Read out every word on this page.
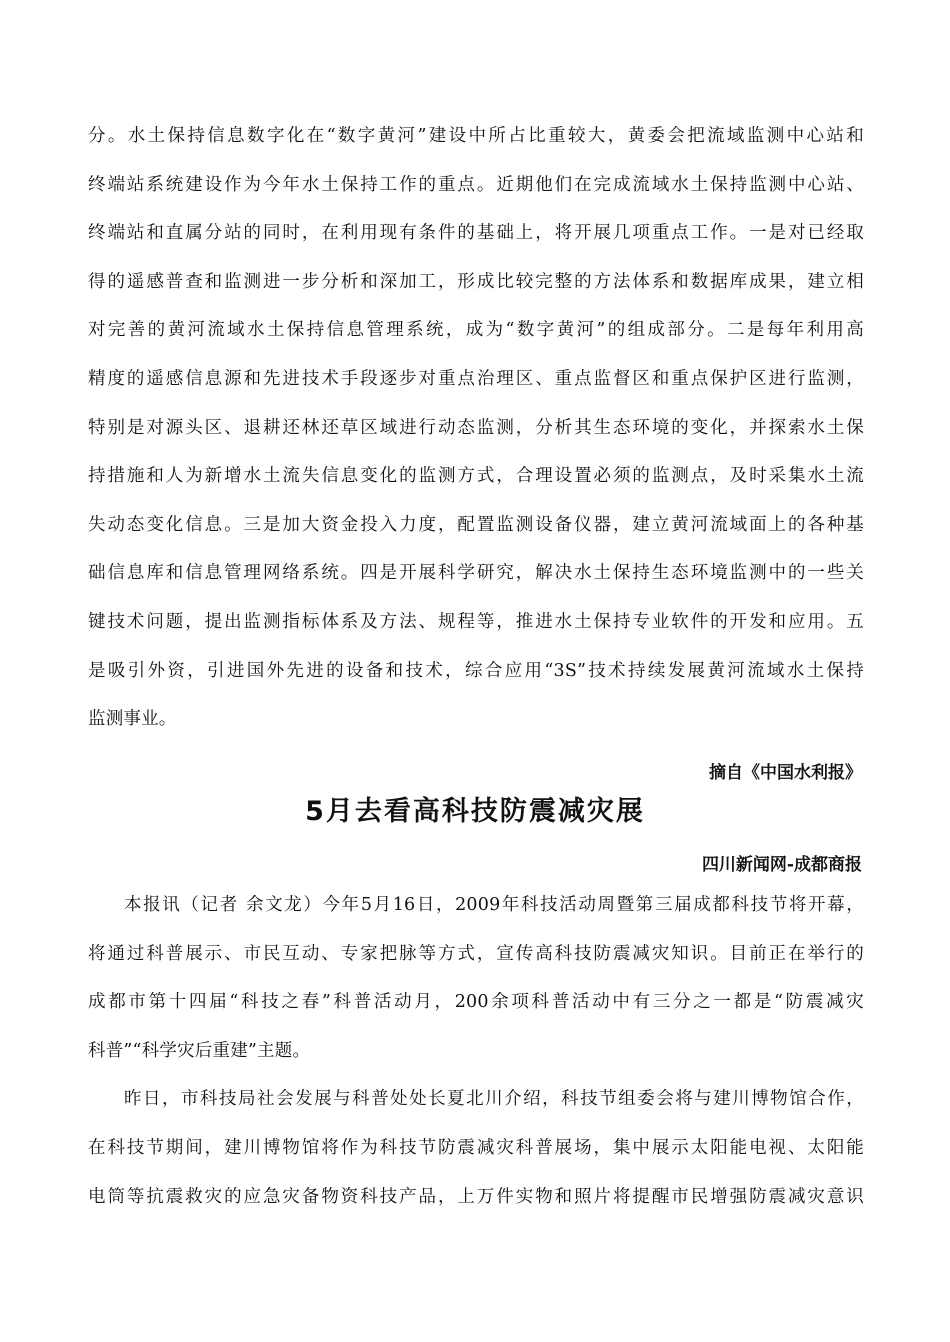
分。水土保持信息数字化在“数字黄河”建设中所占比重较大，黄委会把流域监测中心站和
终端站系统建设作为今年水土保持工作的重点。近期他们在完成流域水土保持监测中心站、
终端站和直属分站的同时，在利用现有条件的基础上，将开展几项重点工作。一是对已经取
得的遥感普查和监测进一步分析和深加工，形成比较完整的方法体系和数据库成果，建立相
对完善的黄河流域水土保持信息管理系统，成为“数字黄河”的组成部分。二是每年利用高
精度的遥感信息源和先进技术手段逐步对重点治理区、重点监督区和重点保护区进行监测，
特别是对源头区、退耕还林还草区域进行动态监测，分析其生态环境的变化，并探索水土保
持措施和人为新增水土流失信息变化的监测方式，合理设置必须的监测点，及时采集水土流
失动态变化信息。三是加大资金投入力度，配置监测设备仪器，建立黄河流域面上的各种基
础信息库和信息管理网络系统。四是开展科学研究，解决水土保持生态环境监测中的一些关
键技术问题，提出监测指标体系及方法、规程等，推进水土保持专业软件的开发和应用。五
是吸引外资，引进国外先进的设备和技术，综合应用“3S”技术持续发展黄河流域水土保持
监测事业。
摘自《中国水利报》
5月去看高科技防震减灾展
四川新闻网-成都商报
本报讯（记者 余文龙）今年5月16日，2009年科技活动周暨第三届成都科技节将开幕，
将通过科普展示、市民互动、专家把脉等方式，宣传高科技防震减灾知识。目前正在举行的
成都市第十四届“科技之春”科普活动月，200余项科普活动中有三分之一都是“防震减灾
科普”“科学灾后重建”主题。
昨日，市科技局社会发展与科普处处长夏北川介绍，科技节组委会将与建川博物馆合作，
在科技节期间，建川博物馆将作为科技节防震减灾科普展场，集中展示太阳能电视、太阳能
电筒等抗震救灾的应急灾备物资科技产品，上万件实物和照片将提醒市民增强防震减灾意识
